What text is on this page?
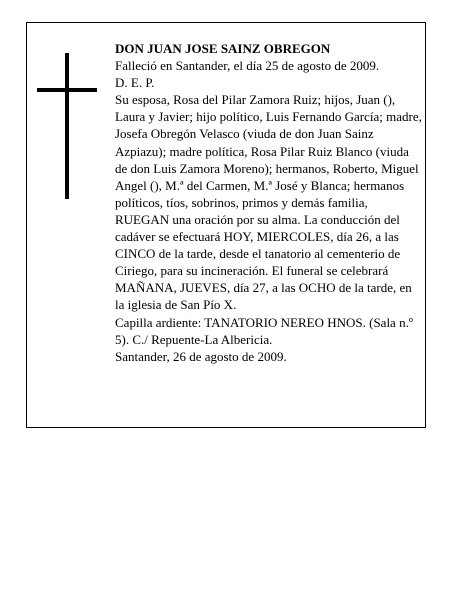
DON JUAN JOSE SAINZ OBREGON

Falleció en Santander, el día 25 de agosto de 2009.

D. E. P.

Su esposa, Rosa del Pilar Zamora Ruiz; hijos, Juan (), Laura y Javier; hijo político, Luis Fernando García; madre, Josefa Obregón Velasco (viuda de don Juan Sainz Azpiazu); madre política, Rosa Pilar Ruiz Blanco (viuda de don Luis Zamora Moreno); hermanos, Roberto, Miguel Angel (), M.ª del Carmen, M.ª José y Blanca; hermanos políticos, tíos, sobrinos, primos y demás familia,

RUEGAN una oración por su alma. La conducción del cadáver se efectuará HOY, MIERCOLES, día 26, a las CINCO de la tarde, desde el tanatorio al cementerio de Ciriego, para su incineración. El funeral se celebrará MAÑANA, JUEVES, día 27, a las OCHO de la tarde, en la iglesia de San Pío X.

Capilla ardiente: TANATORIO NEREO HNOS. (Sala n.º 5). C./ Repuente-La Albericia.

Santander, 26 de agosto de 2009.
